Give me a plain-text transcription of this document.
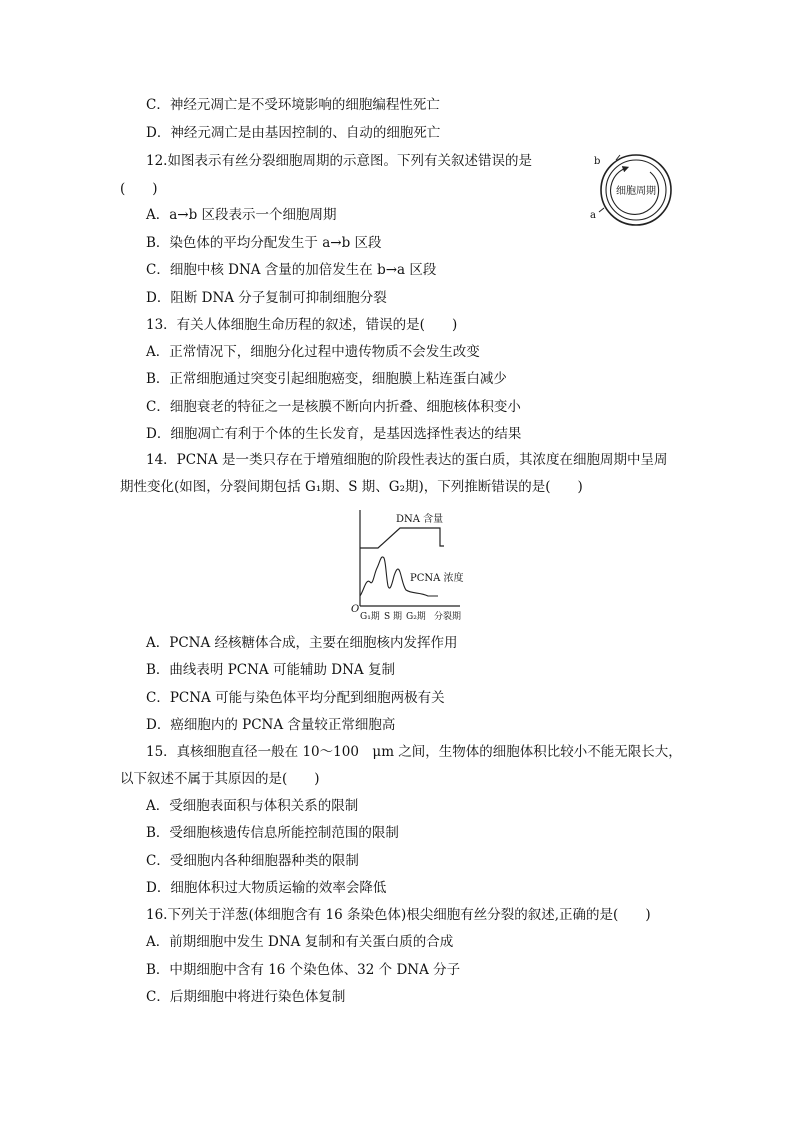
C．神经元凋亡是不受环境影响的细胞编程性死亡
D．神经元凋亡是由基因控制的、自动的细胞死亡
12.如图表示有丝分裂细胞周期的示意图。下列有关叙述错误的是
(　　)
A．a→b 区段表示一个细胞周期
B．染色体的平均分配发生于 a→b 区段
C．细胞中核 DNA 含量的加倍发生在 b→a 区段
D．阻断 DNA 分子复制可抑制细胞分裂
细胞周期
b
a
13．有关人体细胞生命历程的叙述，错误的是(　　)
A．正常情况下，细胞分化过程中遗传物质不会发生改变
B．正常细胞通过突变引起细胞癌变，细胞膜上粘连蛋白减少
C．细胞衰老的特征之一是核膜不断向内折叠、细胞核体积变小
D．细胞凋亡有利于个体的生长发育，是基因选择性表达的结果
14．PCNA 是一类只存在于增殖细胞的阶段性表达的蛋白质，其浓度在细胞周期中呈周
期性变化(如图，分裂间期包括 G₁期、S 期、G₂期)，下列推断错误的是(　　)
DNA 含量
PCNA 浓度
O
G₁期 S 期 G₂期 分裂期
A．PCNA 经核糖体合成，主要在细胞核内发挥作用
B．曲线表明 PCNA 可能辅助 DNA 复制
C．PCNA 可能与染色体平均分配到细胞两极有关
D．癌细胞内的 PCNA 含量较正常细胞高
15．真核细胞直径一般在 10～100　μm 之间，生物体的细胞体积比较小不能无限长大，
以下叙述不属于其原因的是(　　)
A．受细胞表面积与体积关系的限制
B．受细胞核遗传信息所能控制范围的限制
C．受细胞内各种细胞器种类的限制
D．细胞体积过大物质运输的效率会降低
16.下列关于洋葱(体细胞含有 16 条染色体)根尖细胞有丝分裂的叙述,正确的是(　　)
A．前期细胞中发生 DNA 复制和有关蛋白质的合成
B．中期细胞中含有 16 个染色体、32 个 DNA 分子
C．后期细胞中将进行染色体复制
